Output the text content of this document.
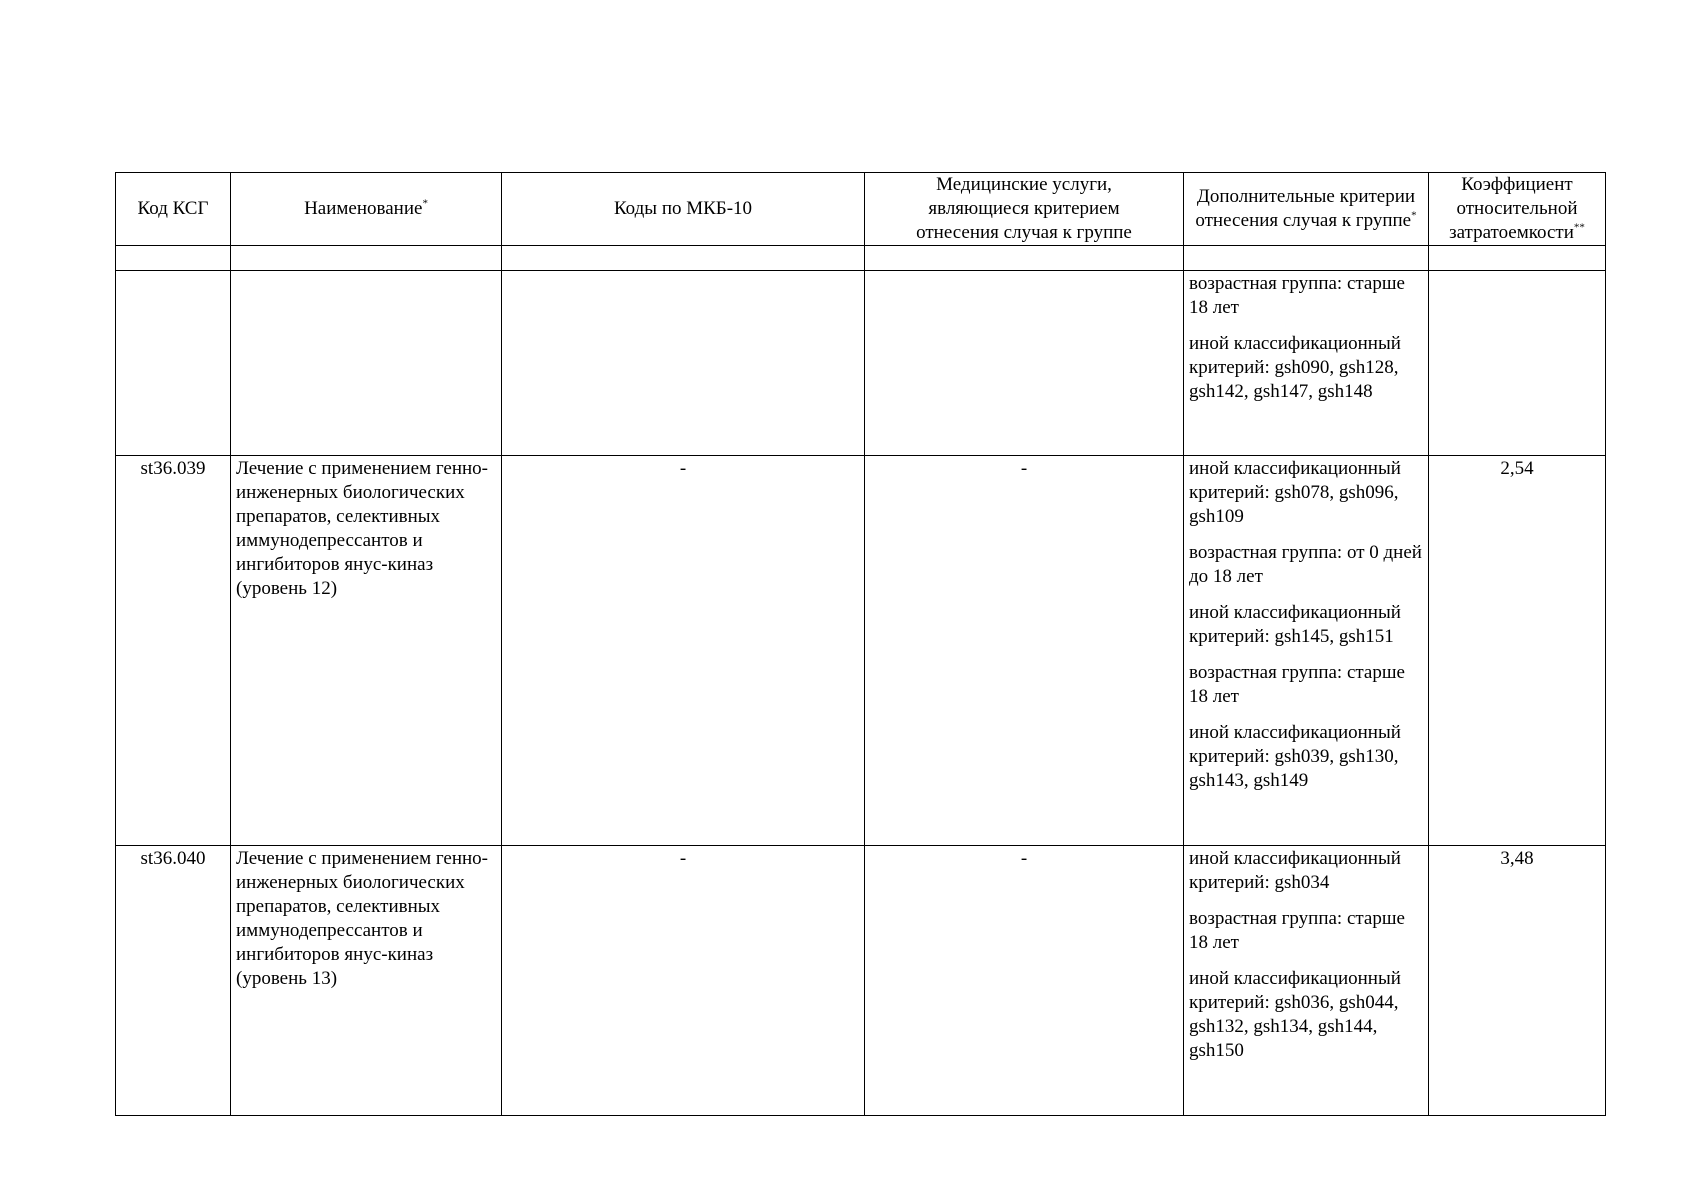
Код КСГ	Наименование*	Коды по МКБ-10	Медицинские услуги, являющиеся критерием отнесения случая к группе	Дополнительные критерии отнесения случая к группе*	Коэффициент относительной затратоемкости**

				возрастная группа: старше 18 лет

иной классификационный критерий: gsh090, gsh128, gsh142, gsh147, gsh148	

st36.039	Лечение с применением генно-инженерных биологических препаратов, селективных иммунодепрессантов и ингибиторов янус-киназ (уровень 12)	-	-	иной классификационный критерий: gsh078, gsh096, gsh109

возрастная группа: от 0 дней до 18 лет

иной классификационный критерий: gsh145, gsh151

возрастная группа: старше 18 лет

иной классификационный критерий: gsh039, gsh130, gsh143, gsh149	2,54
st36.040	Лечение с применением генно-инженерных биологических препаратов, селективных иммунодепрессантов и ингибиторов янус-киназ (уровень 13)	-	-	иной классификационный критерий: gsh034

возрастная группа: старше 18 лет

иной классификационный критерий: gsh036, gsh044, gsh132, gsh134, gsh144, gsh150	3,48
